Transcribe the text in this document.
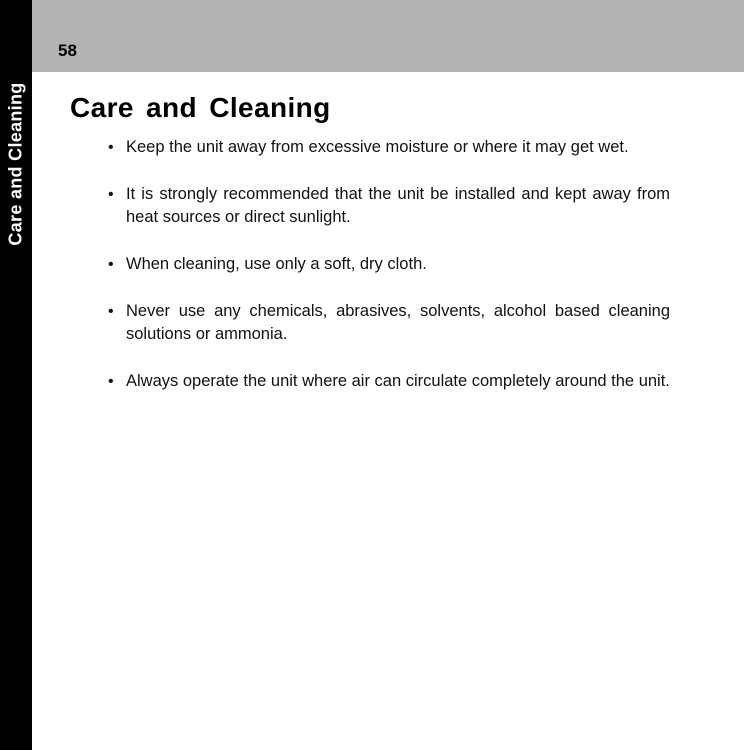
Care and Cleaning
58
Care and Cleaning
• Keep the unit away from excessive moisture or where it may get wet.
• It is strongly recommended that the unit be installed and kept away from heat sources or direct sunlight.
• When cleaning, use only a soft, dry cloth.
• Never use any chemicals, abrasives, solvents, alcohol based cleaning solutions or ammonia.
• Always operate the unit where air can circulate completely around the unit.
